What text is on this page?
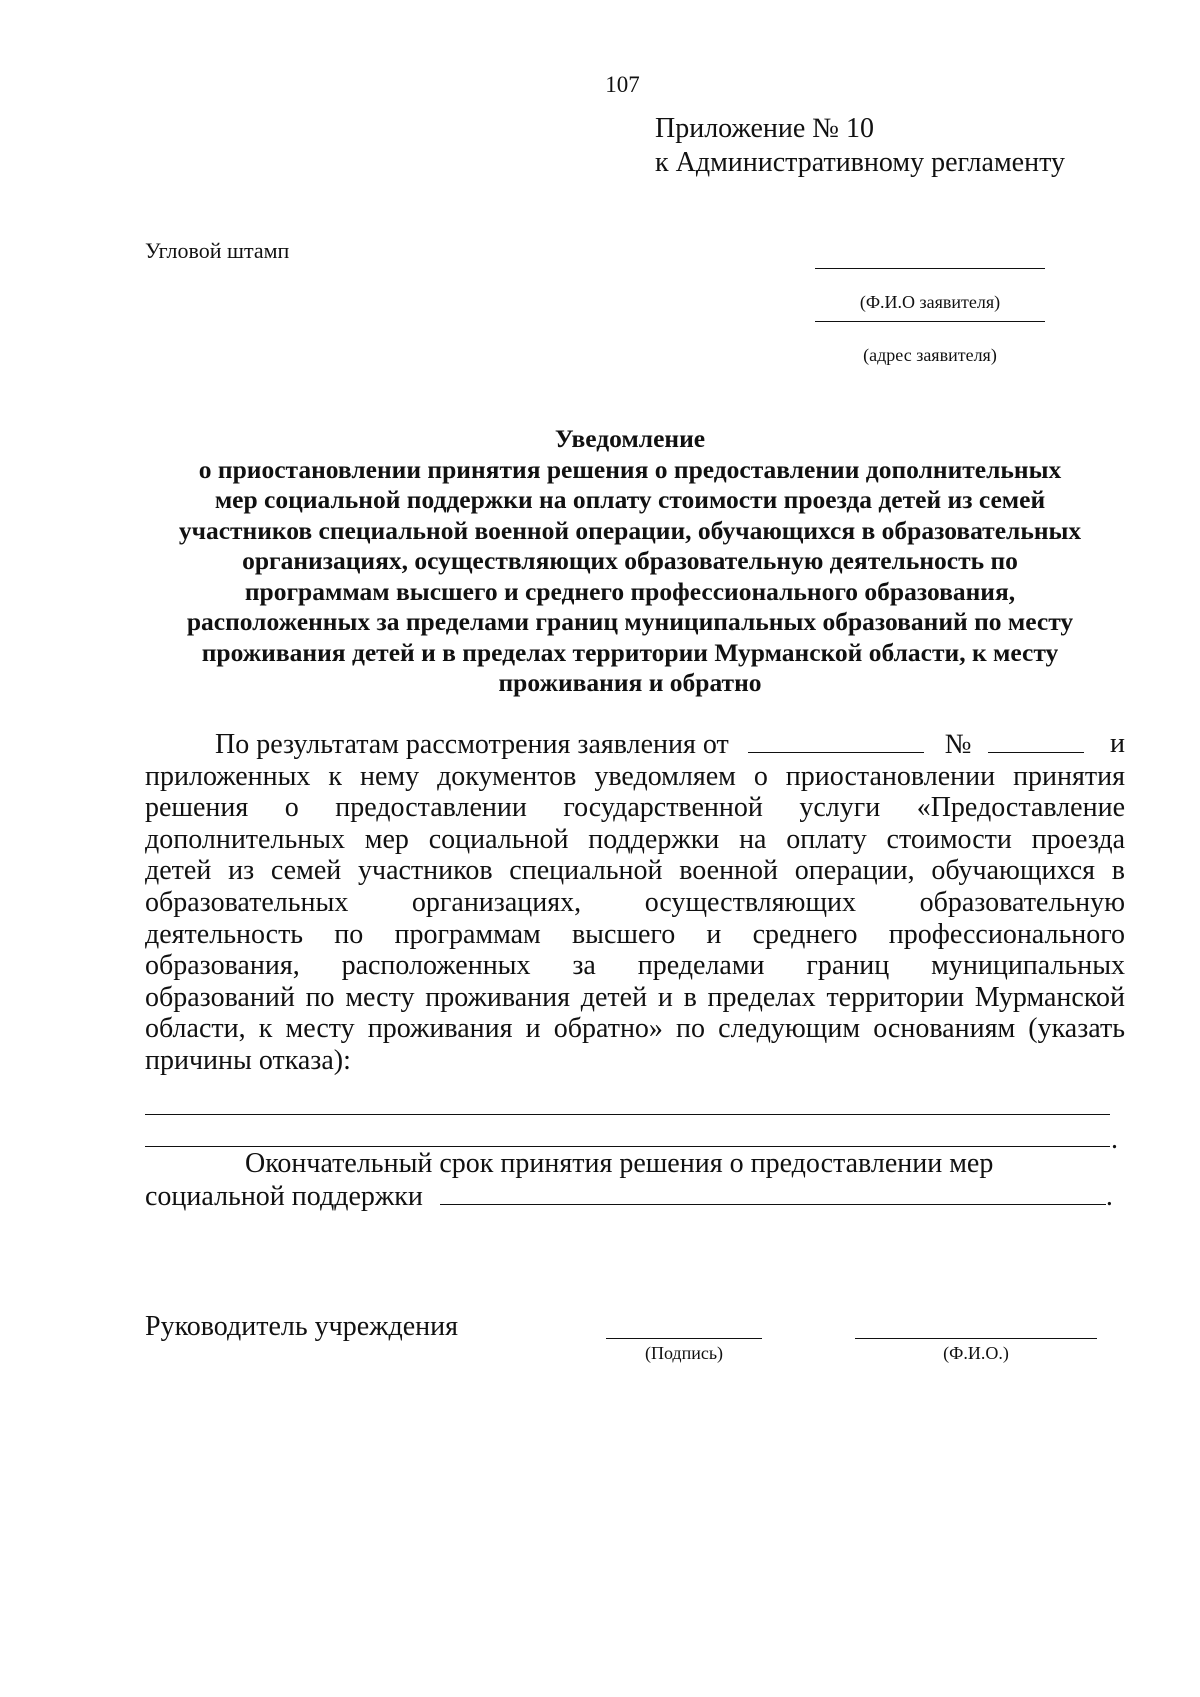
107
Приложение № 10
к Административному регламенту
Угловой штамп
(Ф.И.О заявителя)
(адрес заявителя)
Уведомление
о приостановлении принятия решения о предоставлении дополнительных
мер социальной поддержки на оплату стоимости проезда детей из семей
участников специальной военной операции, обучающихся в образовательных
организациях, осуществляющих образовательную деятельность по
программам высшего и среднего профессионального образования,
расположенных за пределами границ муниципальных образований по месту
проживания детей и в пределах территории Мурманской области, к месту
проживания и обратно
По результатам рассмотрения заявления от	№	и
приложенных к нему документов уведомляем о приостановлении принятия
решения о предоставлении государственной услуги «Предоставление
дополнительных мер социальной поддержки на оплату стоимости проезда
детей из семей участников специальной военной операции, обучающихся в
образовательных организациях, осуществляющих образовательную
деятельность по программам высшего и среднего профессионального
образования, расположенных за пределами границ муниципальных
образований по месту проживания детей и в пределах территории Мурманской
области, к месту проживания и обратно» по следующим основаниям (указать
причины отказа):
.
Окончательный срок принятия решения о предоставлении мер
социальной поддержки	.
Руководитель учреждения
(Подпись)	(Ф.И.О.)
